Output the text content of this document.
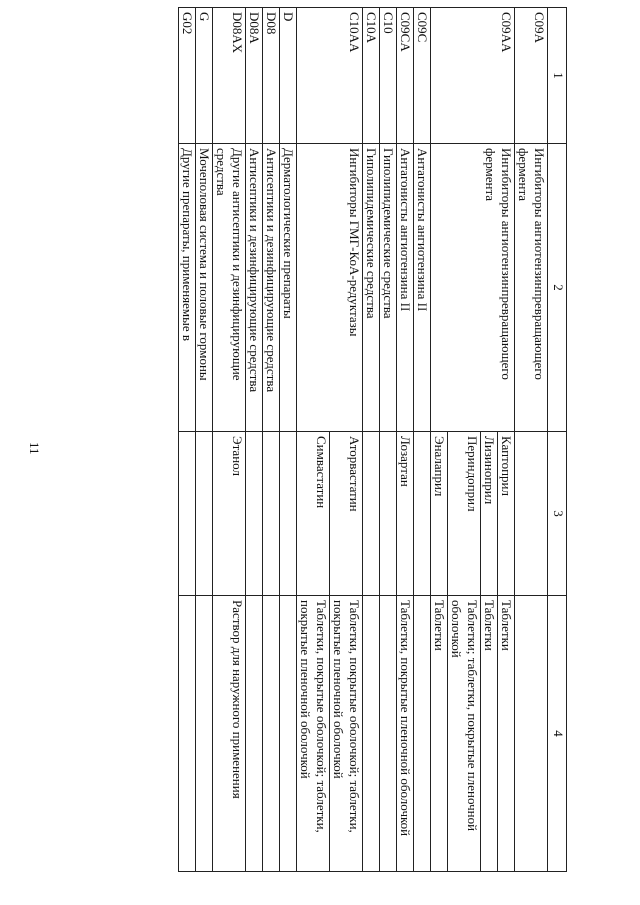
11
1	2	3	4
C09A	Ингибиторы ангиотензинпревращающего фермента		
C09AA	Ингибиторы ангиотензинпревращающего фермента	Каптоприл	Таблетки
		Лизиноприл	Таблетки
		Периндоприл	Таблетки; таблетки, покрытые пленочной оболочкой
		Эналаприл	Таблетки
C09C	Антагонисты ангиотензина II		
C09CA	Антагонисты ангиотензина II	Лозартан	Таблетки, покрытые пленочной оболочкой
C10	Гиполипидемические средства		
C10A	Гиполипидемические средства		
C10AA	Ингибиторы ГМГ-КоА-редуктазы	Аторвастатин	Таблетки, покрытые оболочкой; таблетки, покрытые пленочной оболочкой
		Симвастатин	Таблетки, покрытые оболочкой; таблетки, покрытые пленочной оболочкой
D	Дерматологические препараты		
D08	Антисептики и дезинфицирующие средства		
D08A	Антисептики и дезинфицирующие средства		
D08AX	Другие антисептики и дезинфицирующие средства	Этанол	Раствор для наружного применения
G	Мочеполовая система и половые гормоны		
G02	Другие препараты, применяемые в		
